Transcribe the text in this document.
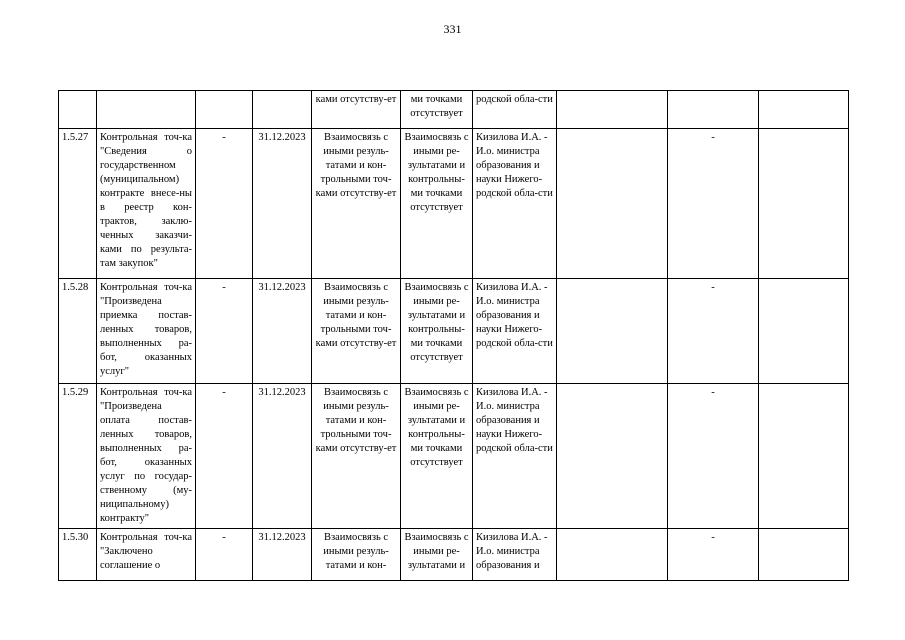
331
				ками отсутству-ет	ми точками отсутствует	родской обла-сти			
1.5.27	Контрольная точ-ка "Сведения о государственном (муниципальном) контракте внесе-ны в реестр кон-трактов, заклю-ченных заказчи-ками по результа-там закупок"	-	31.12.2023	Взаимосвязь с иными резуль-татами и кон-трольными точ-ками отсутству-ет	Взаимосвязь с иными ре-зультатами и контрольны-ми точками отсутствует	Кизилова И.А. - И.о. министра образования и науки Нижего-родской обла-сти		-	
1.5.28	Контрольная точ-ка "Произведена приемка постав-ленных товаров, выполненных ра-бот, оказанных услуг"	-	31.12.2023	Взаимосвязь с иными резуль-татами и кон-трольными точ-ками отсутству-ет	Взаимосвязь с иными ре-зультатами и контрольны-ми точками отсутствует	Кизилова И.А. - И.о. министра образования и науки Нижего-родской обла-сти		-	
1.5.29	Контрольная точ-ка "Произведена оплата постав-ленных товаров, выполненных ра-бот, оказанных услуг по государ-ственному (му-ниципальному) контракту"	-	31.12.2023	Взаимосвязь с иными резуль-татами и кон-трольными точ-ками отсутству-ет	Взаимосвязь с иными ре-зультатами и контрольны-ми точками отсутствует	Кизилова И.А. - И.о. министра образования и науки Нижего-родской обла-сти		-	
1.5.30	Контрольная точ-ка "Заключено соглашение о	-	31.12.2023	Взаимосвязь с иными резуль-татами и кон-	Взаимосвязь с иными ре-зультатами и	Кизилова И.А. - И.о. министра образования и		-	
